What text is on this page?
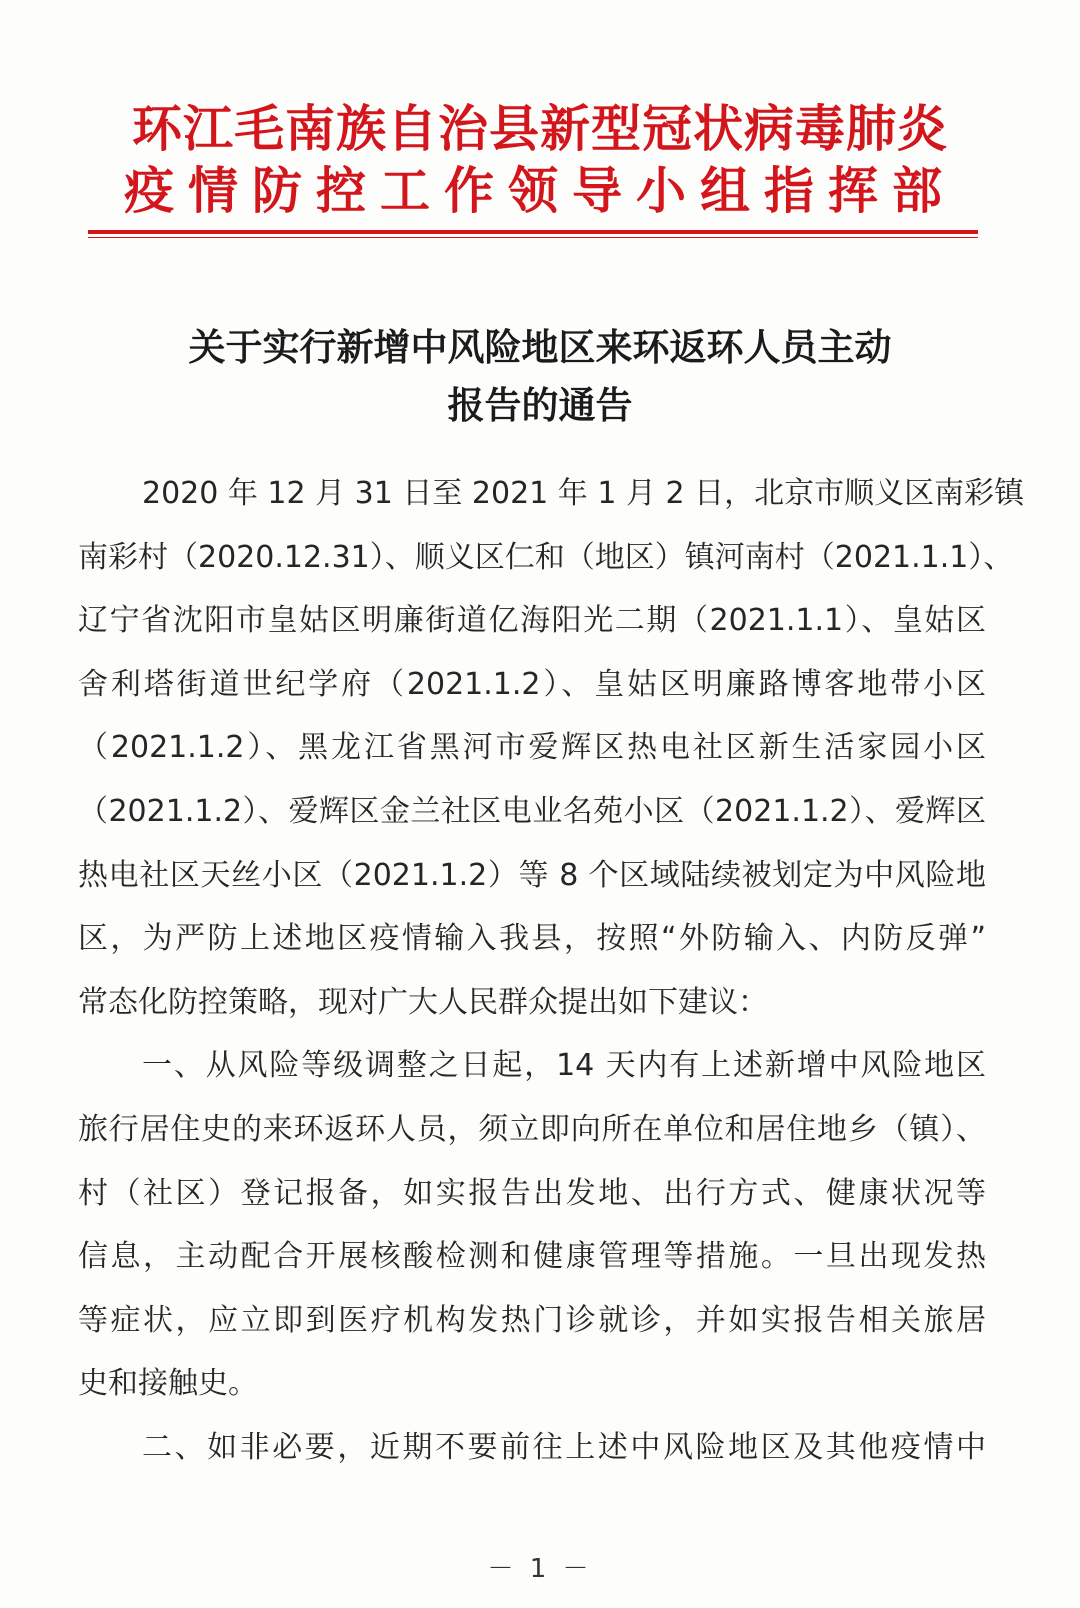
环江毛南族自治县新型冠状病毒肺炎
疫情防控工作领导小组指挥部
关于实行新增中风险地区来环返环人员主动
报告的通告
2020 年 12 月 31 日至 2021 年 1 月 2 日，北京市顺义区南彩镇
南彩村（2020.12.31）、顺义区仁和（地区）镇河南村（2021.1.1）、
辽宁省沈阳市皇姑区明廉街道亿海阳光二期（2021.1.1）、皇姑区
舍利塔街道世纪学府（2021.1.2）、皇姑区明廉路博客地带小区
（2021.1.2）、黑龙江省黑河市爱辉区热电社区新生活家园小区
（2021.1.2）、爱辉区金兰社区电业名苑小区（2021.1.2）、爱辉区
热电社区天丝小区（2021.1.2）等 8 个区域陆续被划定为中风险地
区，为严防上述地区疫情输入我县，按照“外防输入、内防反弹”
常态化防控策略，现对广大人民群众提出如下建议：
一、从风险等级调整之日起，14 天内有上述新增中风险地区
旅行居住史的来环返环人员，须立即向所在单位和居住地乡（镇）、
村（社区）登记报备，如实报告出发地、出行方式、健康状况等
信息，主动配合开展核酸检测和健康管理等措施。一旦出现发热
等症状，应立即到医疗机构发热门诊就诊，并如实报告相关旅居
史和接触史。
二、如非必要，近期不要前往上述中风险地区及其他疫情中
－ 1 －
